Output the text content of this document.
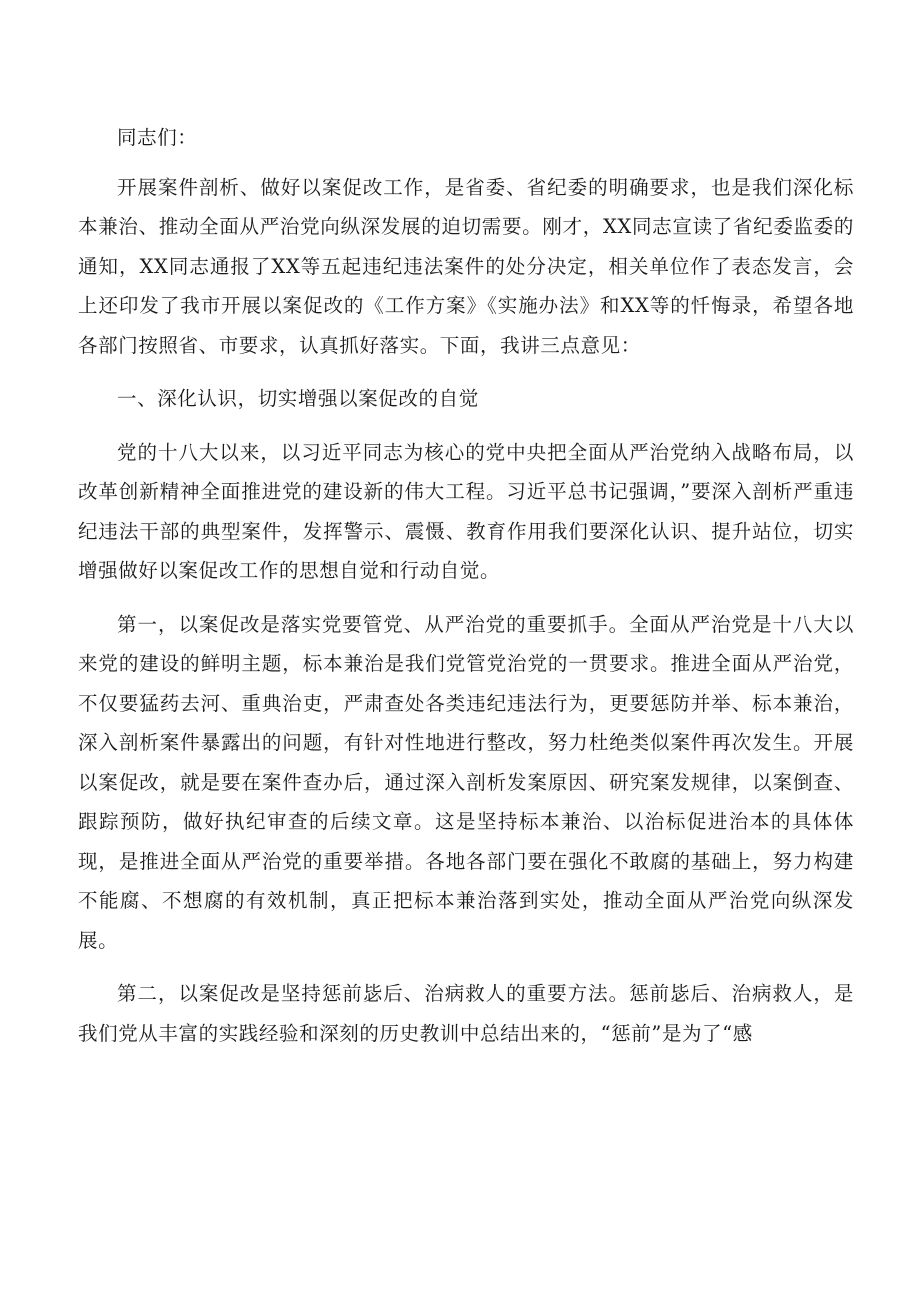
同志们：

开展案件剖析、做好以案促改工作，是省委、省纪委的明确要求，也是我们深化标本兼治、推动全面从严治党向纵深发展的迫切需要。刚才，XX同志宣读了省纪委监委的通知，XX同志通报了XX等五起违纪违法案件的处分决定，相关单位作了表态发言，会上还印发了我市开展以案促改的《工作方案》《实施办法》和XX等的忏悔录，希望各地各部门按照省、市要求，认真抓好落实。下面，我讲三点意见：

一、深化认识，切实增强以案促改的自觉

党的十八大以来，以习近平同志为核心的党中央把全面从严治党纳入战略布局，以改革创新精神全面推进党的建设新的伟大工程。习近平总书记强调，”要深入剖析严重违纪违法干部的典型案件，发挥警示、震慑、教育作用我们要深化认识、提升站位，切实增强做好以案促改工作的思想自觉和行动自觉。

第一，以案促改是落实党要管党、从严治党的重要抓手。全面从严治党是十八大以来党的建设的鲜明主题，标本兼治是我们党管党治党的一贯要求。推进全面从严治党，不仅要猛药去河、重典治吏，严肃查处各类违纪违法行为，更要惩防并举、标本兼治，深入剖析案件暴露出的问题，有针对性地进行整改，努力杜绝类似案件再次发生。开展以案促改，就是要在案件查办后，通过深入剖析发案原因、研究案发规律，以案倒查、跟踪预防，做好执纪审查的后续文章。这是坚持标本兼治、以治标促进治本的具体体现，是推进全面从严治党的重要举措。各地各部门要在强化不敢腐的基础上，努力构建不能腐、不想腐的有效机制，真正把标本兼治落到实处，推动全面从严治党向纵深发展。

第二，以案促改是坚持惩前毖后、治病救人的重要方法。惩前毖后、治病救人，是我们党从丰富的实践经验和深刻的历史教训中总结出来的，“惩前”是为了“感
